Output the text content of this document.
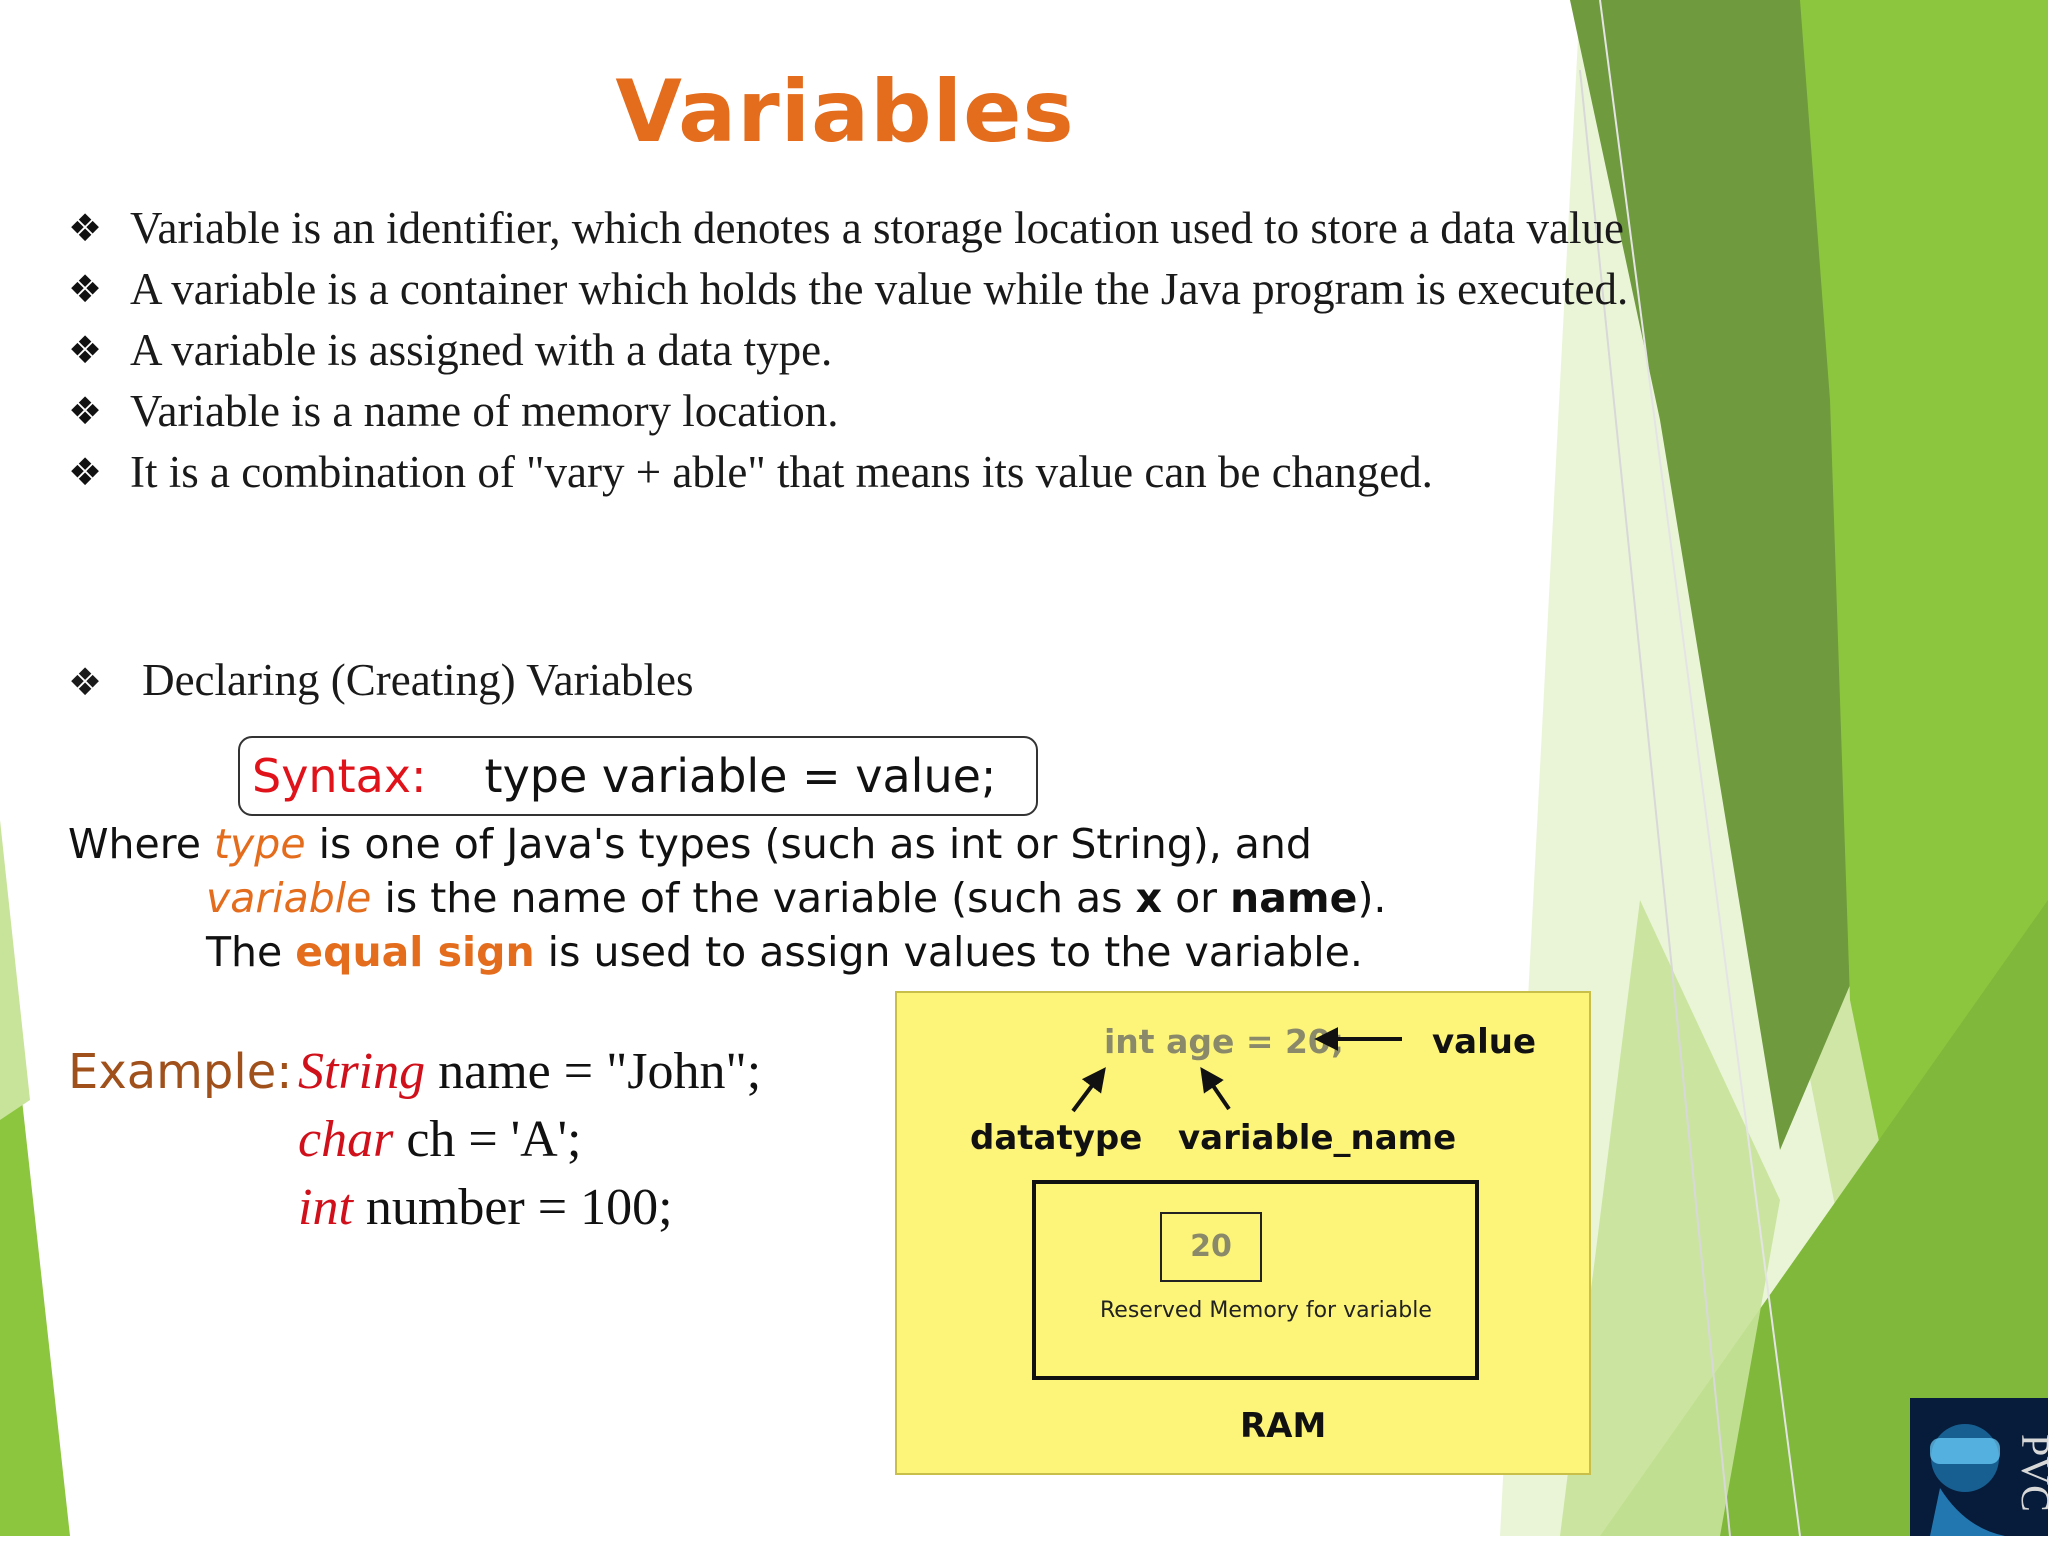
Variables
❖ Variable is an identifier, which denotes a storage location used to store a data value
❖ A variable is a container which holds the value while the Java program is executed.
❖ A variable is assigned with a data type.
❖ Variable is a name of memory location.
❖ It is a combination of "vary + able" that means its value can be changed.
❖ Declaring (Creating) Variables
Syntax: type variable = value;
Where type is one of Java's types (such as int or String), and
variable is the name of the variable (such as x or name).
The equal sign is used to assign values to the variable.
Example: String name = "John";
char ch = 'A';
int number = 100;
int age = 20;	value
datatype variable_name
20
Reserved Memory for variable
RAM
PVC
